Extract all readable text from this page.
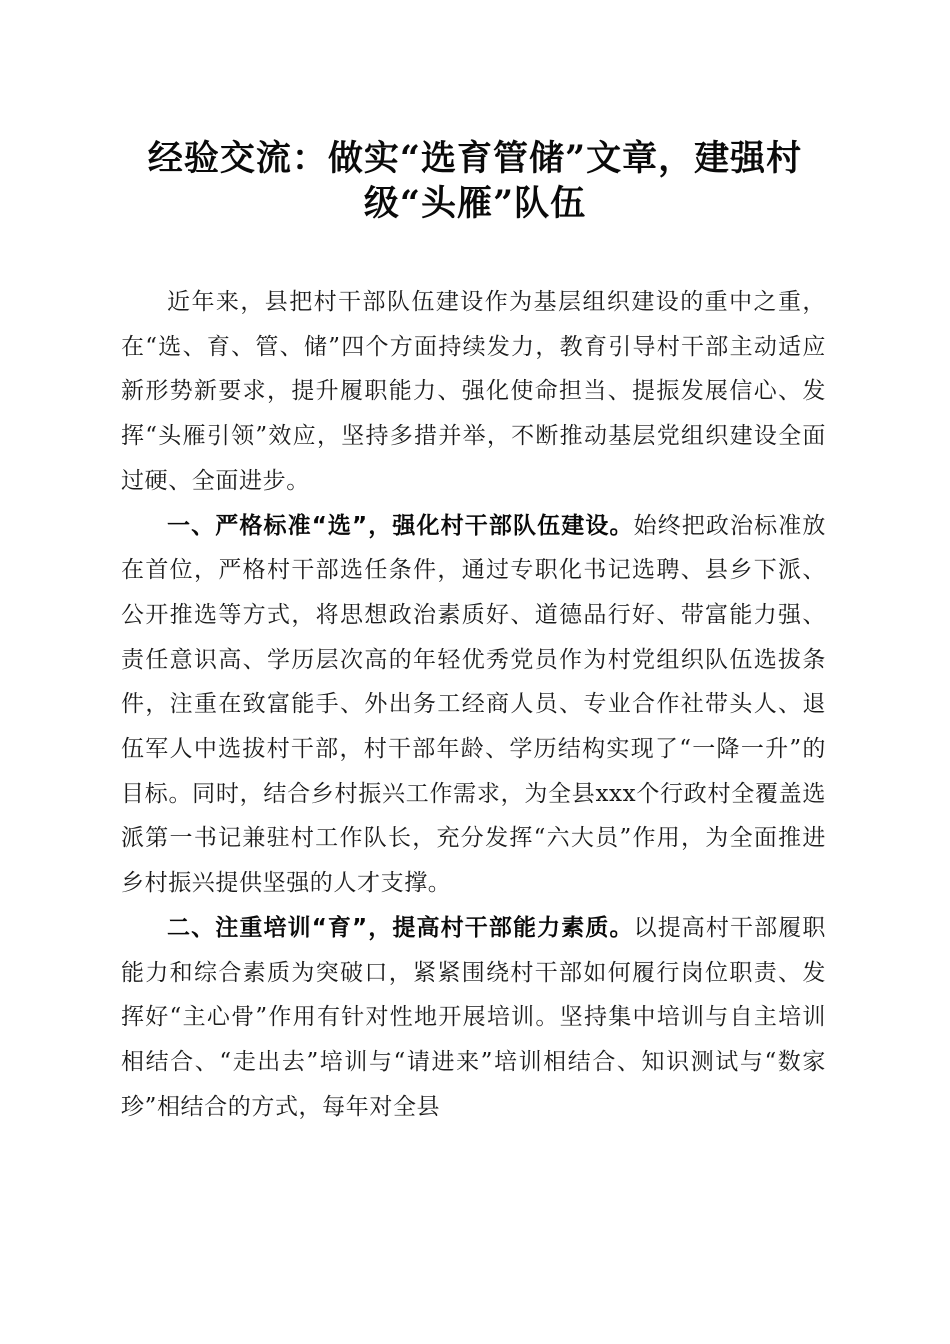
经验交流：做实“选育管储”文章，建强村
级“头雁”队伍

近年来，县把村干部队伍建设作为基层组织建设的重中之重，在“选、育、管、储”四个方面持续发力，教育引导村干部主动适应新形势新要求，提升履职能力、强化使命担当、提振发展信心、发挥“头雁引领”效应，坚持多措并举，不断推动基层党组织建设全面过硬、全面进步。

一、严格标准“选”，强化村干部队伍建设。始终把政治标准放在首位，严格村干部选任条件，通过专职化书记选聘、县乡下派、公开推选等方式，将思想政治素质好、道德品行好、带富能力强、责任意识高、学历层次高的年轻优秀党员作为村党组织队伍选拔条件，注重在致富能手、外出务工经商人员、专业合作社带头人、退伍军人中选拔村干部，村干部年龄、学历结构实现了“一降一升”的目标。同时，结合乡村振兴工作需求，为全县xxx个行政村全覆盖选派第一书记兼驻村工作队长，充分发挥“六大员”作用，为全面推进乡村振兴提供坚强的人才支撑。

二、注重培训“育”，提高村干部能力素质。以提高村干部履职能力和综合素质为突破口，紧紧围绕村干部如何履行岗位职责、发挥好“主心骨”作用有针对性地开展培训。坚持集中培训与自主培训相结合、“走出去”培训与“请进来”培训相结合、知识测试与“数家珍”相结合的方式，每年对全县
